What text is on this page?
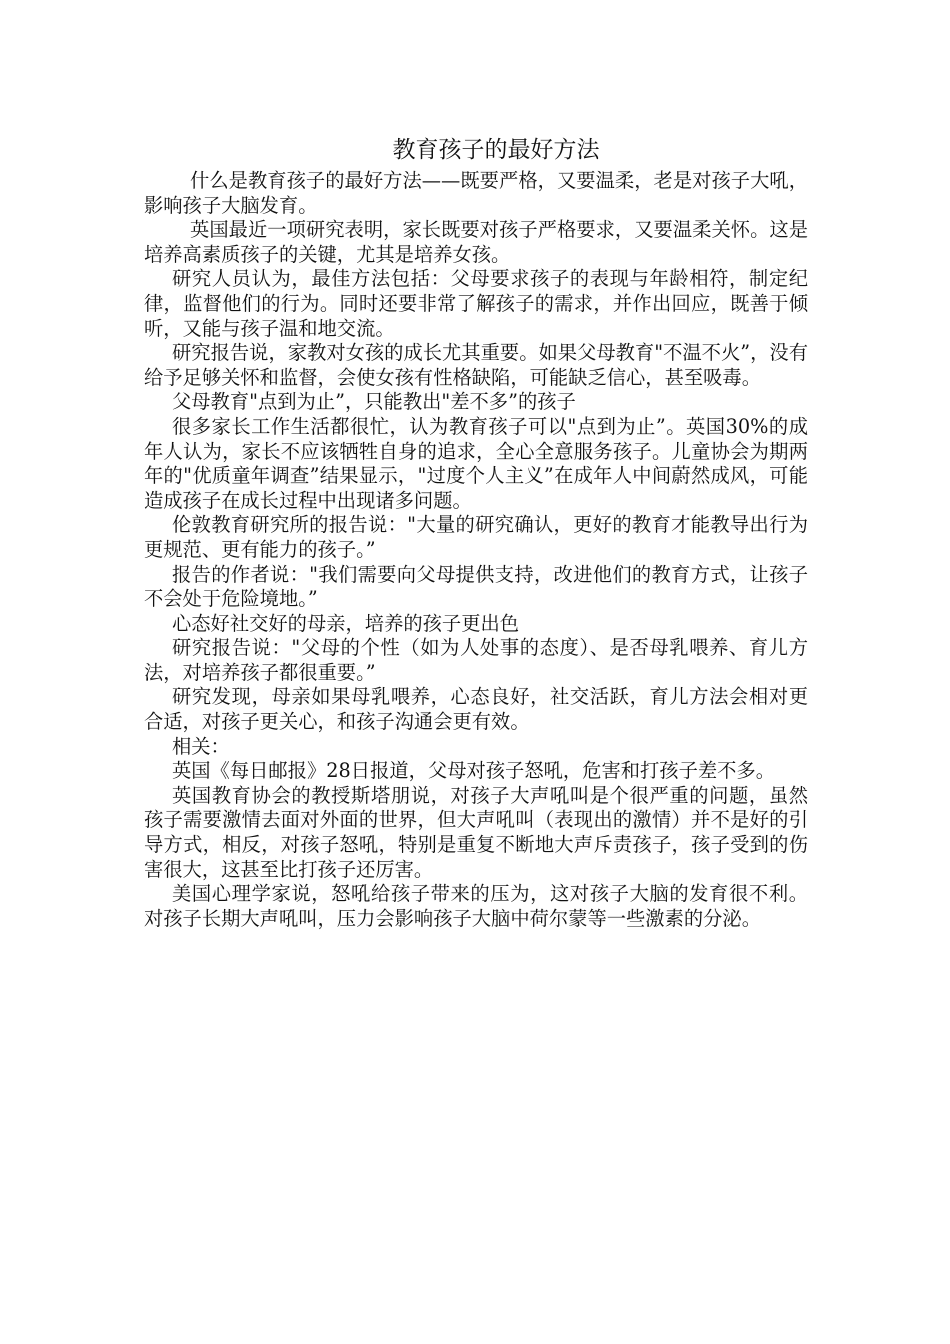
教育孩子的最好方法

什么是教育孩子的最好方法——既要严格，又要温柔，老是对孩子大吼，影响孩子大脑发育。

英国最近一项研究表明，家长既要对孩子严格要求，又要温柔关怀。这是培养高素质孩子的关键，尤其是培养女孩。

研究人员认为，最佳方法包括：父母要求孩子的表现与年龄相符，制定纪律，监督他们的行为。同时还要非常了解孩子的需求，并作出回应，既善于倾听，又能与孩子温和地交流。

研究报告说，家教对女孩的成长尤其重要。如果父母教育"不温不火”，没有给予足够关怀和监督，会使女孩有性格缺陷，可能缺乏信心，甚至吸毒。

父母教育"点到为止”，只能教出"差不多”的孩子

很多家长工作生活都很忙，认为教育孩子可以"点到为止”。英国30%的成年人认为，家长不应该牺牲自身的追求，全心全意服务孩子。儿童协会为期两年的"优质童年调查”结果显示，"过度个人主义”在成年人中间蔚然成风，可能造成孩子在成长过程中出现诸多问题。

伦敦教育研究所的报告说："大量的研究确认，更好的教育才能教导出行为更规范、更有能力的孩子。”

报告的作者说："我们需要向父母提供支持，改进他们的教育方式，让孩子不会处于危险境地。”

心态好社交好的母亲，培养的孩子更出色

研究报告说："父母的个性（如为人处事的态度）、是否母乳喂养、育儿方法，对培养孩子都很重要。”

研究发现，母亲如果母乳喂养，心态良好，社交活跃，育儿方法会相对更合适，对孩子更关心，和孩子沟通会更有效。

相关：

英国《每日邮报》28日报道，父母对孩子怒吼，危害和打孩子差不多。

英国教育协会的教授斯塔朋说，对孩子大声吼叫是个很严重的问题，虽然孩子需要激情去面对外面的世界，但大声吼叫（表现出的激情）并不是好的引导方式，相反，对孩子怒吼，特别是重复不断地大声斥责孩子，孩子受到的伤害很大，这甚至比打孩子还厉害。

美国心理学家说，怒吼给孩子带来的压为，这对孩子大脑的发育很不利。对孩子长期大声吼叫，压力会影响孩子大脑中荷尔蒙等一些激素的分泌。
